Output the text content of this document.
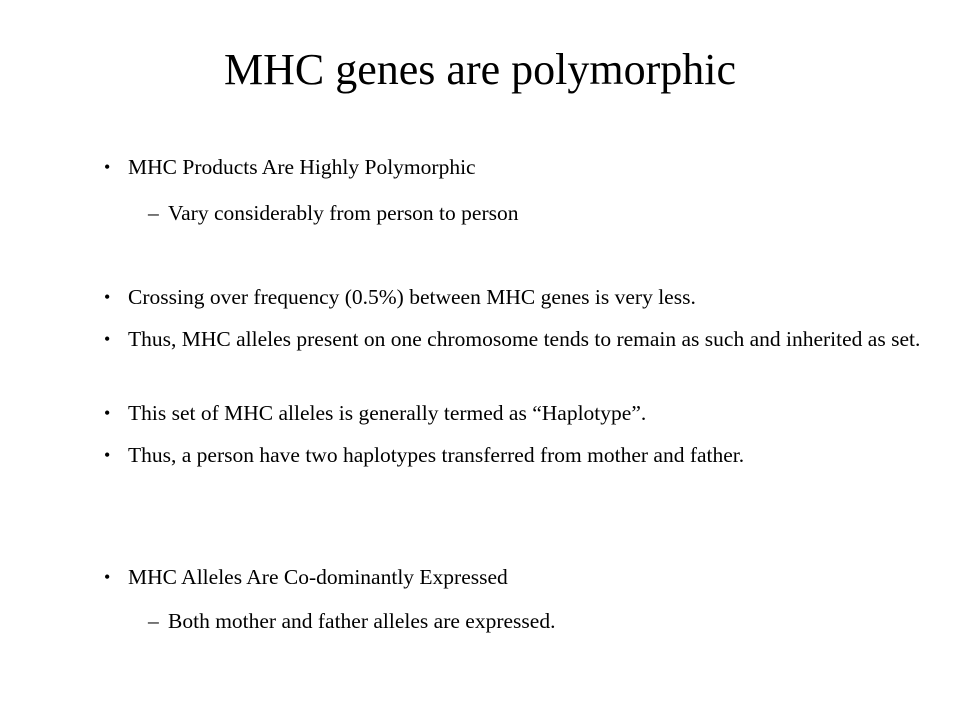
MHC genes are polymorphic
• MHC Products Are Highly Polymorphic
– Vary considerably from person to person
• Crossing over frequency (0.5%) between MHC genes is very less.
• Thus, MHC alleles present on one chromosome tends to remain as such and inherited as set.
• This set of MHC alleles is generally termed as “Haplotype”.
• Thus, a person have two haplotypes transferred from mother and father.
• MHC Alleles Are Co-dominantly Expressed
– Both mother and father alleles are expressed.
